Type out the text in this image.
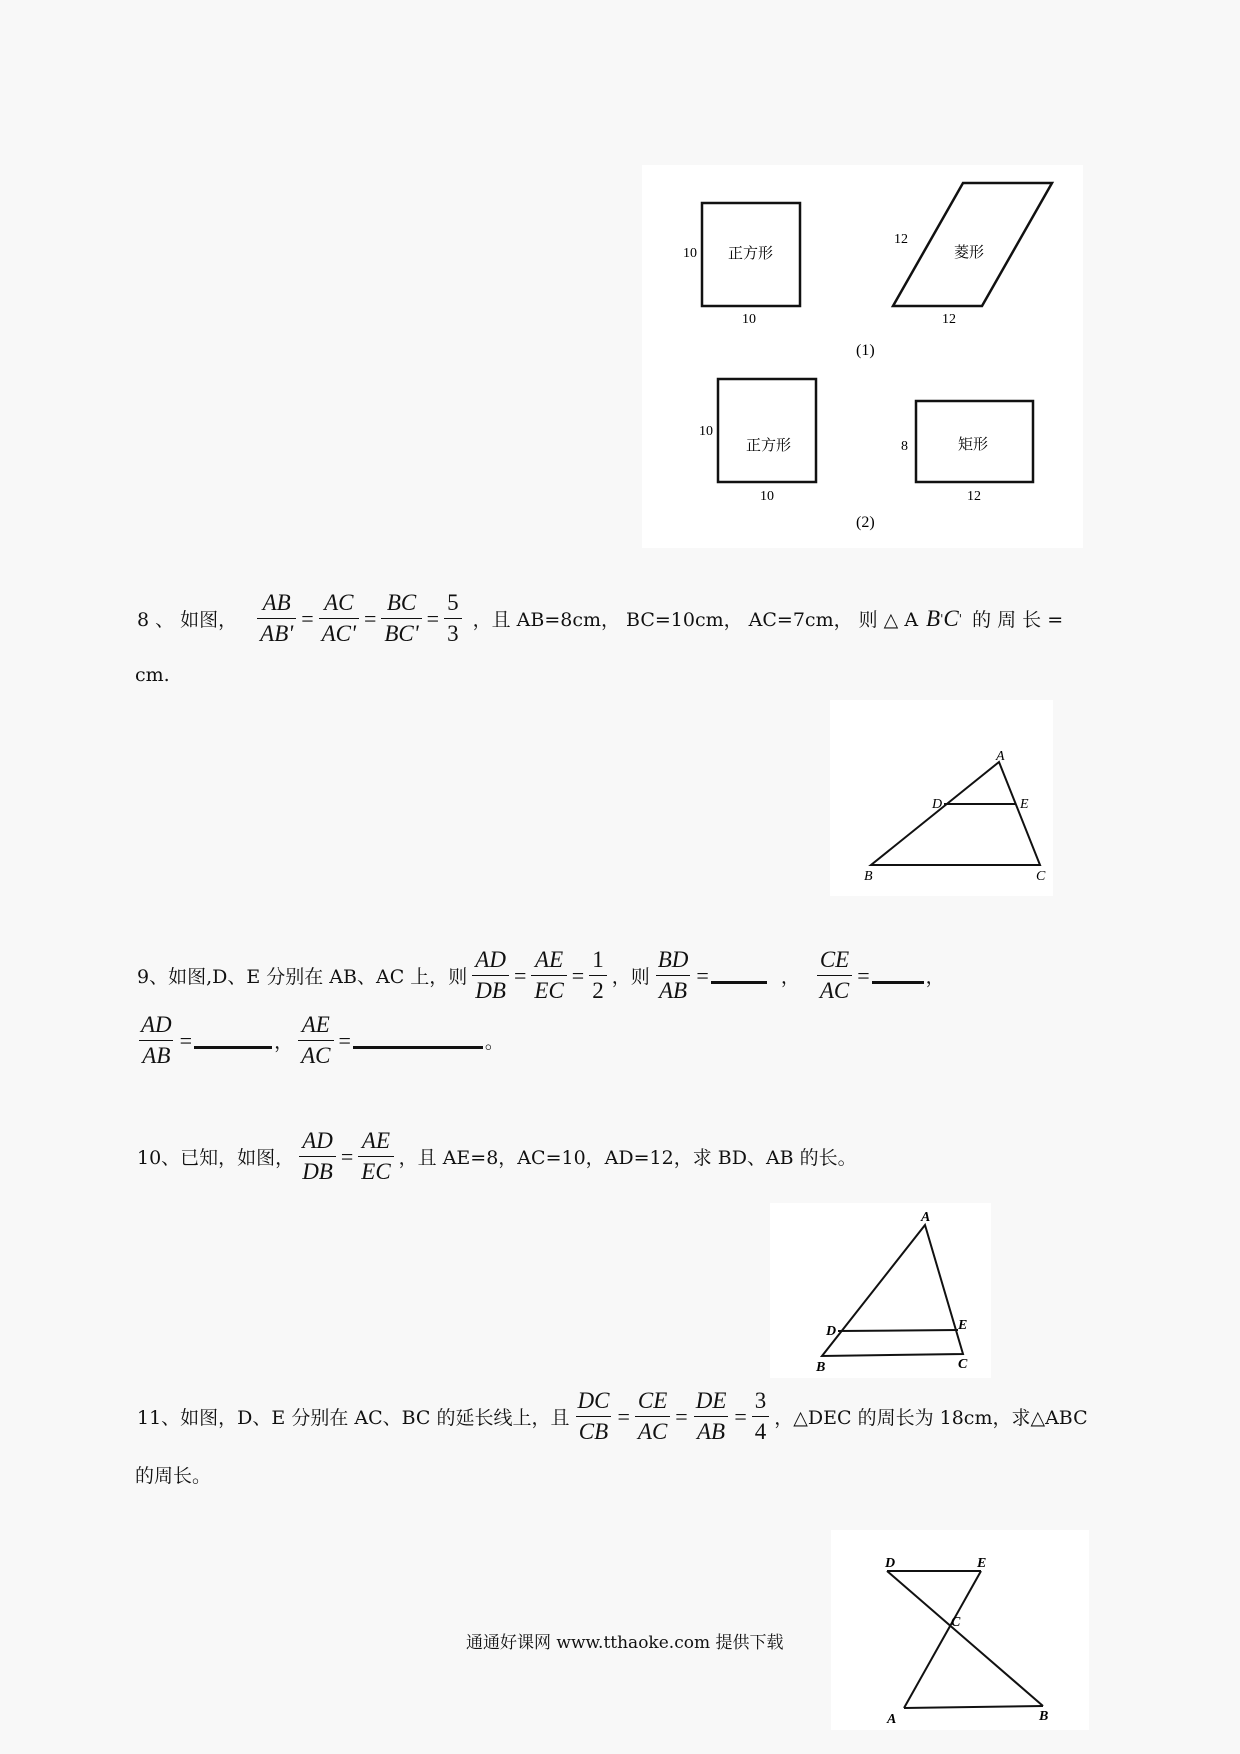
10
10
正方形
12
12
菱形
(1)
10
10
正方形	8
12
矩形
(2)
8 、 如图， $\frac{AB}{AB'} = \frac{AC}{AC'} = \frac{BC}{BC'} = \frac{5}{3}$ ，且 AB=8cm， BC=10cm， AC=7cm， 则 △ A B ' C ' 的 周 长 =
cm.
A
D	E
B	C
9、如图,D、E 分别在 AB、AC 上，则 $\frac{AD}{DB} = \frac{AE}{EC} = \frac{1}{2}$ ，则 $\frac{BD}{AB}$ =	， $\frac{CE}{AC}$ =	，
$\frac{AD}{AB}$ =	， $\frac{AE}{AC}$ =	。
10、已知，如图， $\frac{AD}{DB} = \frac{AE}{EC}$ ，且 AE=8，AC=10，AD=12，求 BD、AB 的长。
A
D	E
B	C
11、如图，D、E 分别在 AC、BC 的延长线上，且 $\frac{DC}{CB} = \frac{CE}{AC} = \frac{DE}{AB} = \frac{3}{4}$ ，△DEC 的周长为 18cm，求△ABC
的周长。
D	E
C
A	B
通通好课网 www.tthaoke.com 提供下载
